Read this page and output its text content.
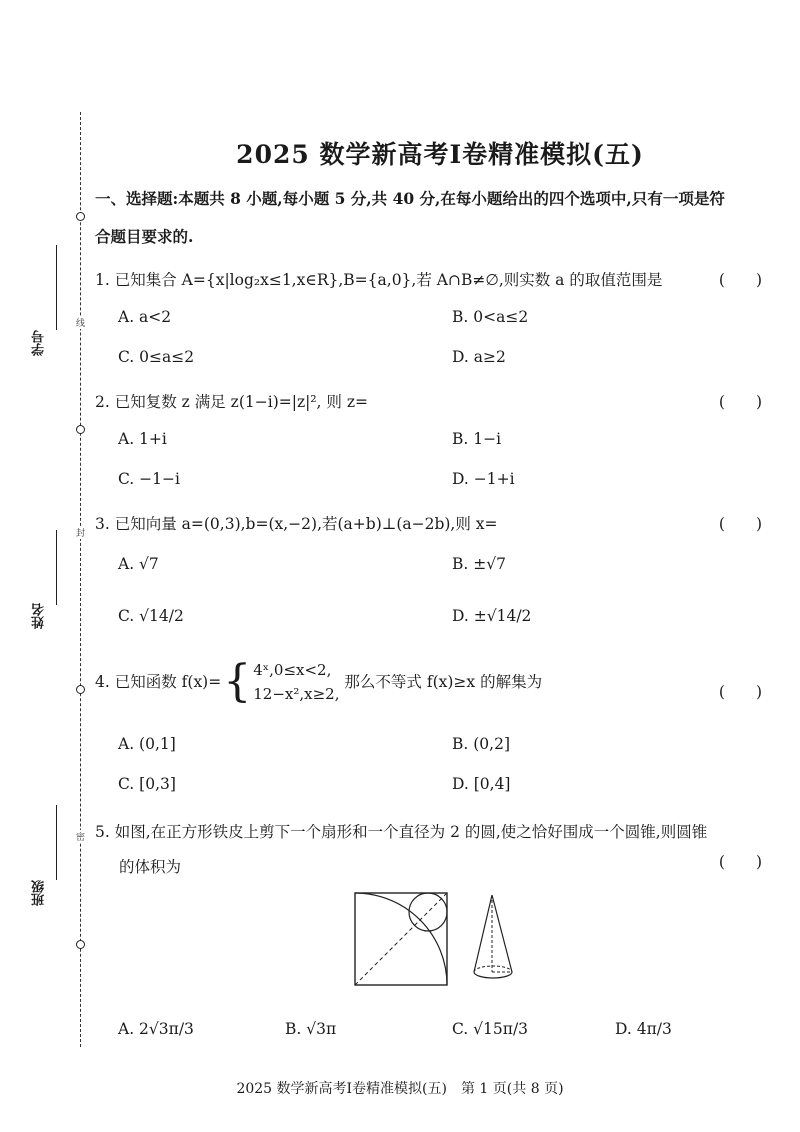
线
封
密
学号
姓名
班级
2025 数学新高考Ⅰ卷精准模拟(五)
一、选择题:本题共 8 小题,每小题 5 分,共 40 分,在每小题给出的四个选项中,只有一项是符
合题目要求的.
1. 已知集合 A={x|log₂x≤1,x∈R},B={a,0},若 A∩B≠∅,则实数 a 的取值范围是	(　　)
A. a<2	B. 0<a≤2
C. 0≤a≤2	D. a≥2
2. 已知复数 z 满足 z(1−i)=|z|², 则 z=	(　　)
A. 1+i	B. 1−i
C. −1−i	D. −1+i
3. 已知向量 a=(0,3),b=(x,−2),若(a+b)⊥(a−2b),则 x=	(　　)
A. √7	B. ±√7
C. √14/2	D. ±√14/2
4. 已知函数 f(x)={ 4ˣ,0≤x<2,
12−x²,x≥2,
那么不等式 f(x)≥x 的解集为
(　　)
A. (0,1]	B. (0,2]
C. [0,3]	D. [0,4]
5. 如图,在正方形铁皮上剪下一个扇形和一个直径为 2 的圆,使之恰好围成一个圆锥,则圆锥
的体积为	(　　)
A. 2√3π/3	B. √3π	C. √15π/3	D. 4π/3
2025 数学新高考Ⅰ卷精准模拟(五)　第 1 页(共 8 页)
